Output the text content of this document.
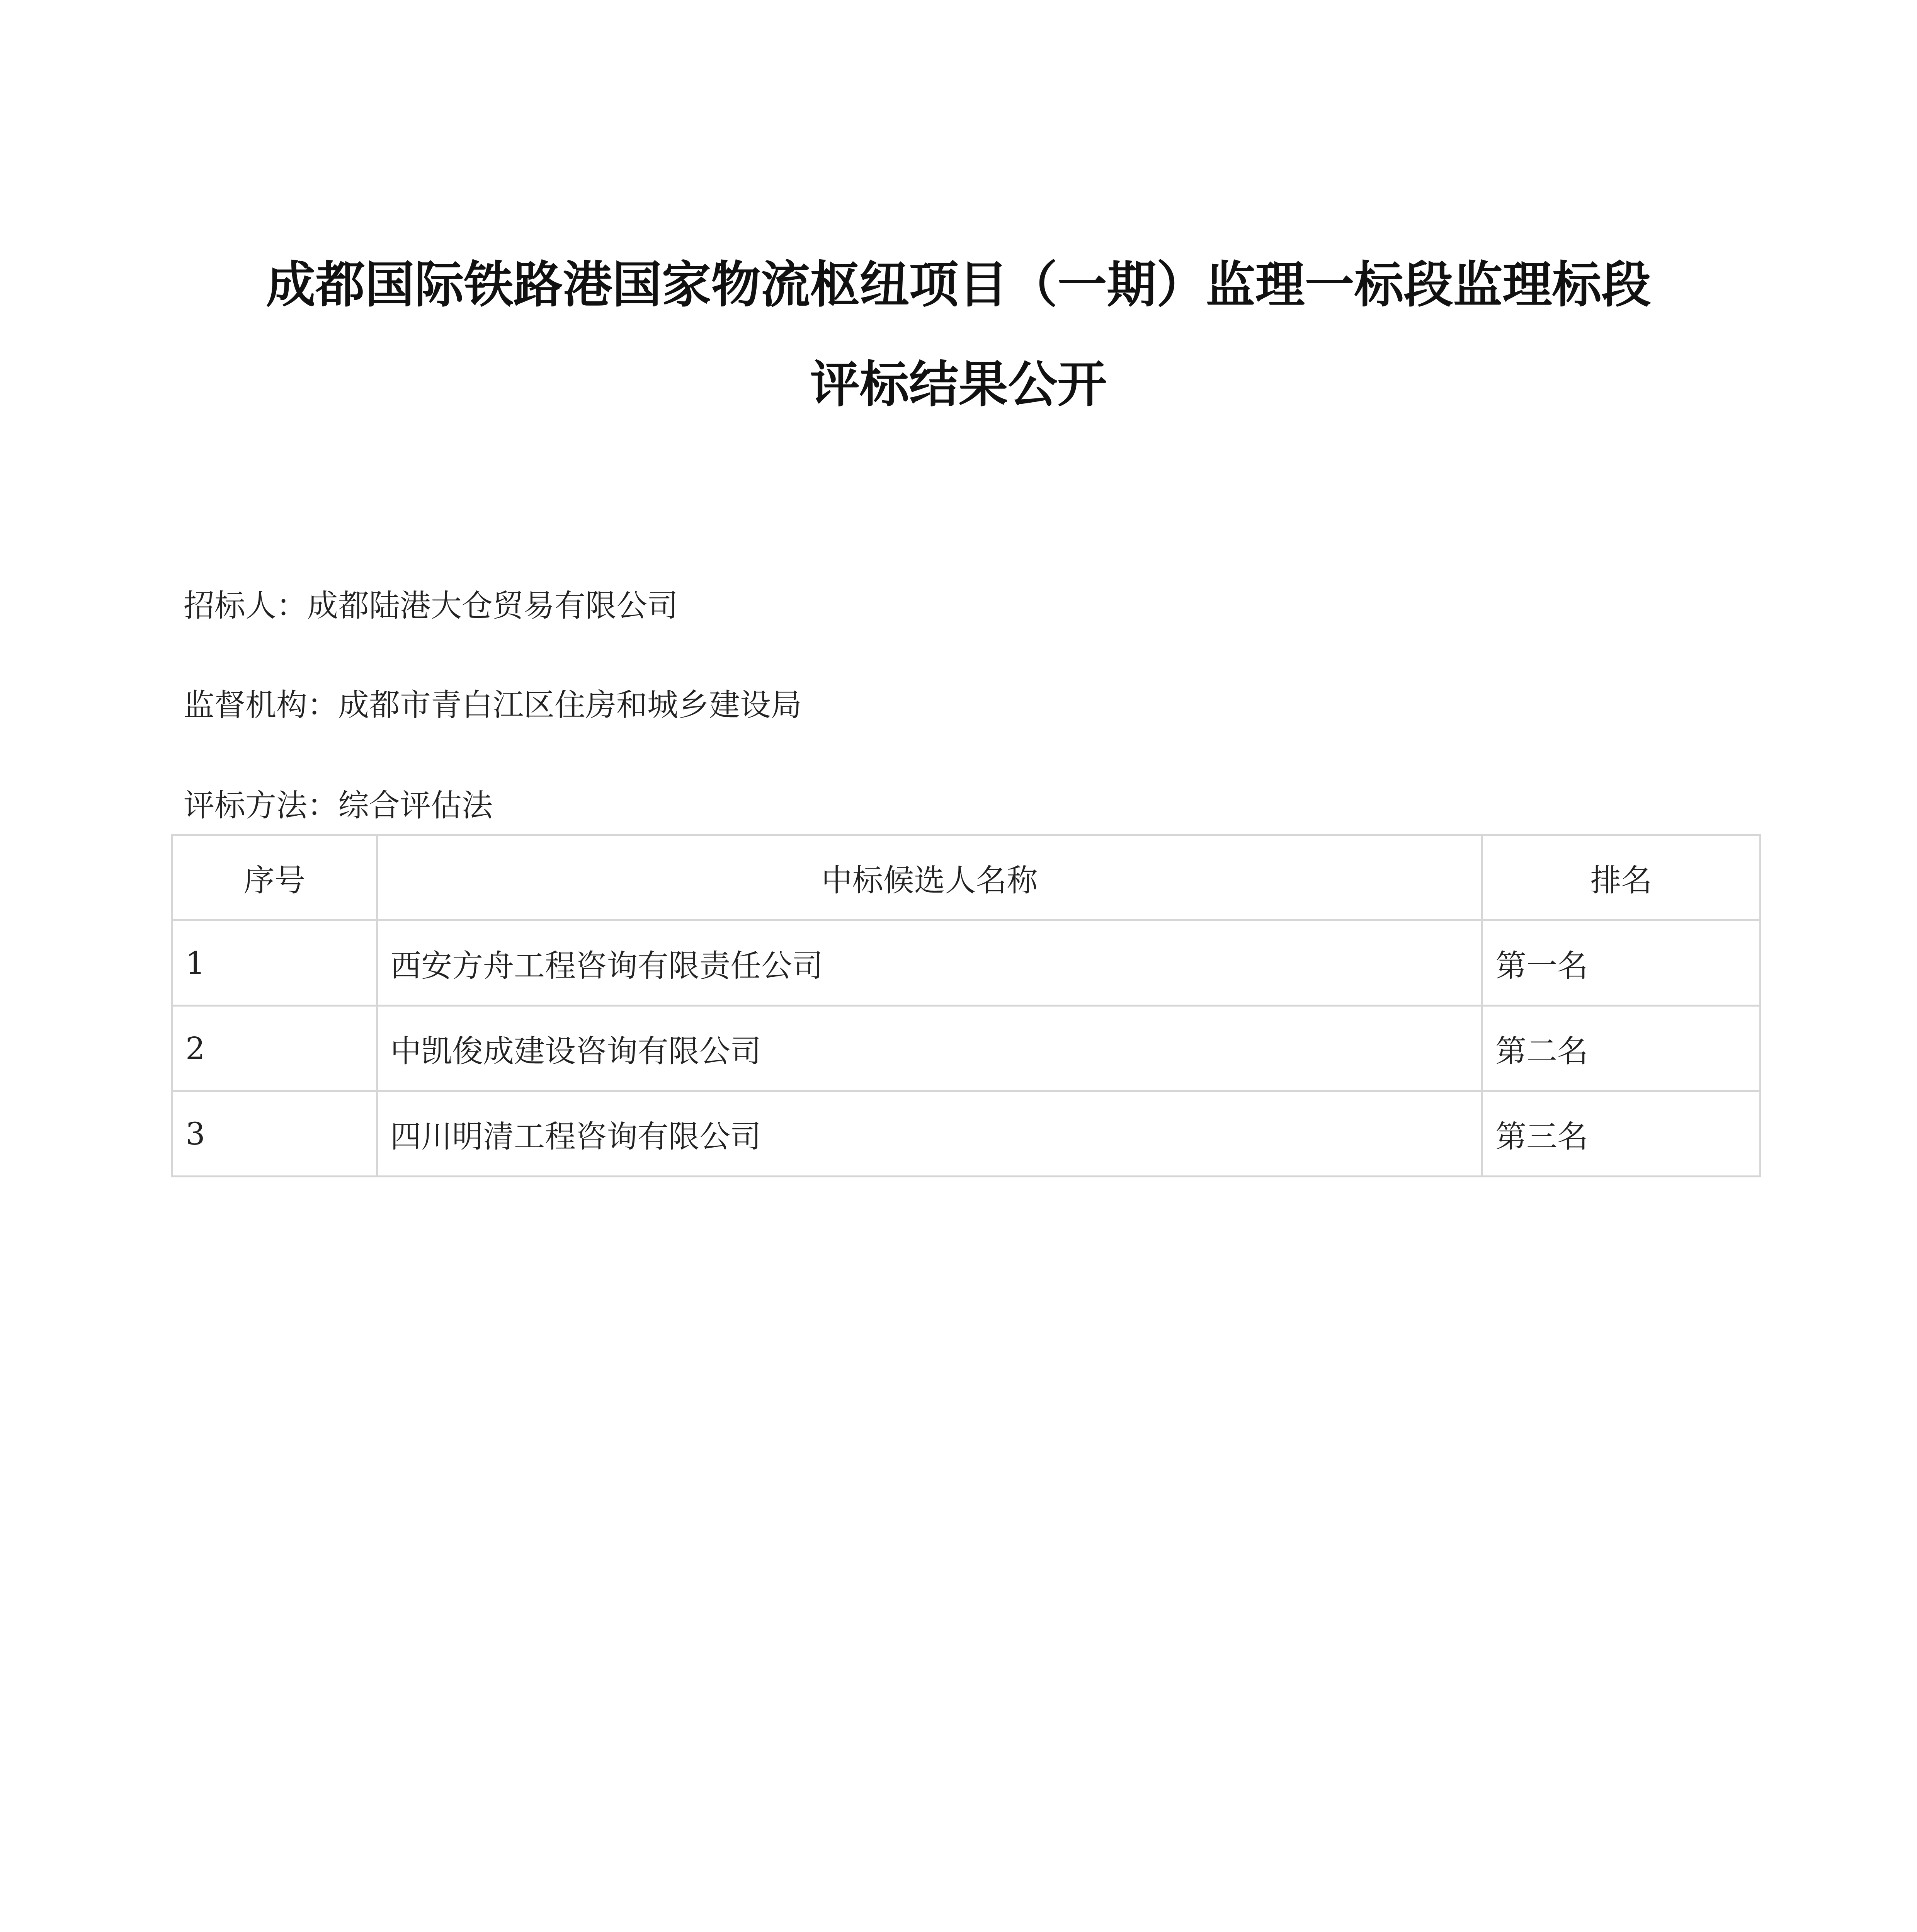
成都国际铁路港国家物流枢纽项目（一期）监理一标段监理标段
评标结果公开
招标人：成都陆港大仓贸易有限公司
监督机构：成都市青白江区住房和城乡建设局
评标方法：综合评估法
序号	中标候选人名称	排名
1	西安方舟工程咨询有限责任公司	第一名
2	中凯俊成建设咨询有限公司	第二名
3	四川明清工程咨询有限公司	第三名
